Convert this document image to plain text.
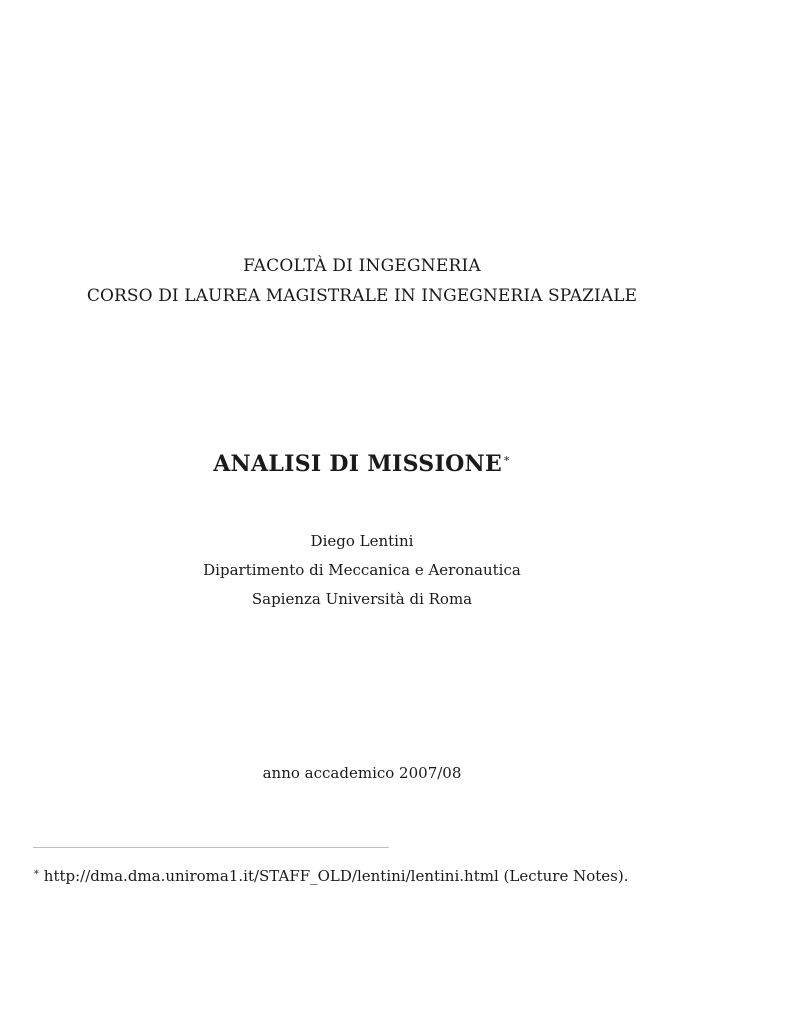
FACOLTÀ DI INGEGNERIA
CORSO DI LAUREA MAGISTRALE IN INGEGNERIA SPAZIALE
ANALISI DI MISSIONE∗
Diego Lentini
Dipartimento di Meccanica e Aeronautica
Sapienza Università di Roma
anno accademico 2007/08
∗ http://dma.dma.uniroma1.it/STAFF_OLD/lentini/lentini.html (Lecture Notes).
